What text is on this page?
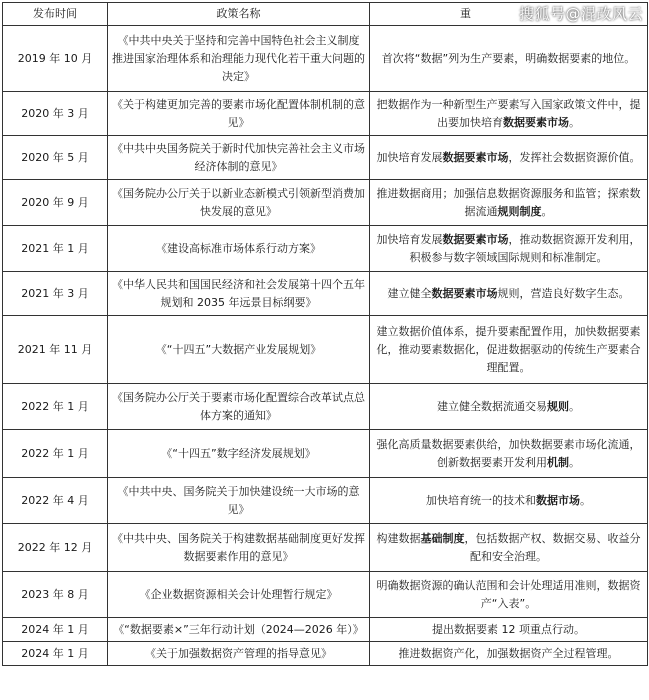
发布时间	政策名称	重

2019 年 10 月	《中共中央关于坚持和完善中国特色社会主义制度 推进国家治理体系和治理能力现代化若干重大问题的决定》	首次将“数据”列为生产要素，明确数据要素的地位。
2020 年 3 月	《关于构建更加完善的要素市场化配置体制机制的意见》	把数据作为一种新型生产要素写入国家政策文件中，提出要加快培育数据要素市场。
2020 年 5 月	《中共中央国务院关于新时代加快完善社会主义市场经济体制的意见》	加快培育发展数据要素市场，发挥社会数据资源价值。
2020 年 9 月	《国务院办公厅关于以新业态新模式引领新型消费加快发展的意见》	推进数据商用；加强信息数据资源服务和监管；探索数据流通规则制度。
2021 年 1 月	《建设高标准市场体系行动方案》	加快培育发展数据要素市场，推动数据资源开发利用，积极参与数字领域国际规则和标准制定。
2021 年 3 月	《中华人民共和国国民经济和社会发展第十四个五年规划和 2035 年远景目标纲要》	建立健全数据要素市场规则，营造良好数字生态。
2021 年 11 月	《“十四五”大数据产业发展规划》	建立数据价值体系，提升要素配置作用，加快数据要素化，推动要素数据化，促进数据驱动的传统生产要素合理配置。
2022 年 1 月	《国务院办公厅关于要素市场化配置综合改革试点总体方案的通知》	建立健全数据流通交易规则。
2022 年 1 月	《“十四五”数字经济发展规划》	强化高质量数据要素供给，加快数据要素市场化流通，创新数据要素开发利用机制。
2022 年 4 月	《中共中央、国务院关于加快建设统一大市场的意见》	加快培育统一的技术和数据市场。
2022 年 12 月	《中共中央、国务院关于构建数据基础制度更好发挥数据要素作用的意见》	构建数据基础制度，包括数据产权、数据交易、收益分配和安全治理。
2023 年 8 月	《企业数据资源相关会计处理暂行规定》	明确数据资源的确认范围和会计处理适用准则，数据资产“入表”。
2024 年 1 月	《“数据要素×”三年行动计划（2024—2026 年）》	提出数据要素 12 项重点行动。
2024 年 1 月	《关于加强数据资产管理的指导意见》	推进数据资产化，加强数据资产全过程管理。
搜狐号@混改风云
